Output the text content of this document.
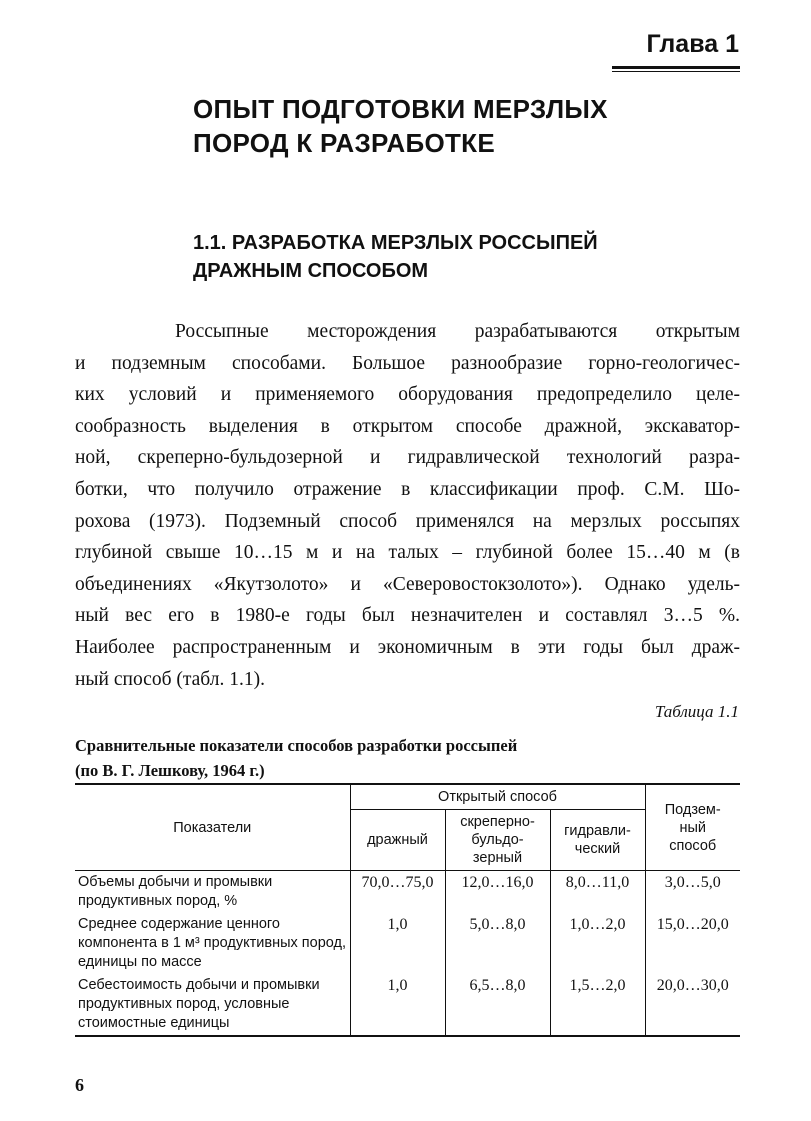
Глава 1
ОПЫТ ПОДГОТОВКИ МЕРЗЛЫХ
ПОРОД К РАЗРАБОТКЕ
1.1. РАЗРАБОТКА МЕРЗЛЫХ РОССЫПЕЙ
ДРАЖНЫМ СПОСОБОМ
Россыпные месторождения разрабатываются открытым
и подземным способами. Большое разнообразие горно-геологичес-
ких условий и применяемого оборудования предопределило целе-
сообразность выделения в открытом способе дражной, экскаватор-
ной, скреперно-бульдозерной и гидравлической технологий разра-
ботки, что получило отражение в классификации проф. С.М. Шо-
рохова (1973). Подземный способ применялся на мерзлых россыпях
глубиной свыше 10…15 м и на талых – глубиной более 15…40 м (в
объединениях «Якутзолото» и «Северовостокзолото»). Однако удель-
ный вес его в 1980-е годы был незначителен и составлял 3…5 %.
Наиболее распространенным и экономичным в эти годы был драж-
ный способ (табл. 1.1).
Таблица 1.1
Сравнительные показатели способов разработки россыпей
(по В. Г. Лешкову, 1964 г.)
Показатели	Открытый способ			Подзем-
ный
способ
	дражный	скреперно-
бульдо-
зерный	гидравли-
ческий	
Объемы добычи и промывки продуктивных пород, %	70,0…75,0	12,0…16,0	8,0…11,0	3,0…5,0
Среднее содержание ценного компонента в 1 м³ продуктивных пород, единицы по массе	1,0	5,0…8,0	1,0…2,0	15,0…20,0
Себестоимость добычи и промывки продуктивных пород, условные стоимостные единицы	1,0	6,5…8,0	1,5…2,0	20,0…30,0
6
